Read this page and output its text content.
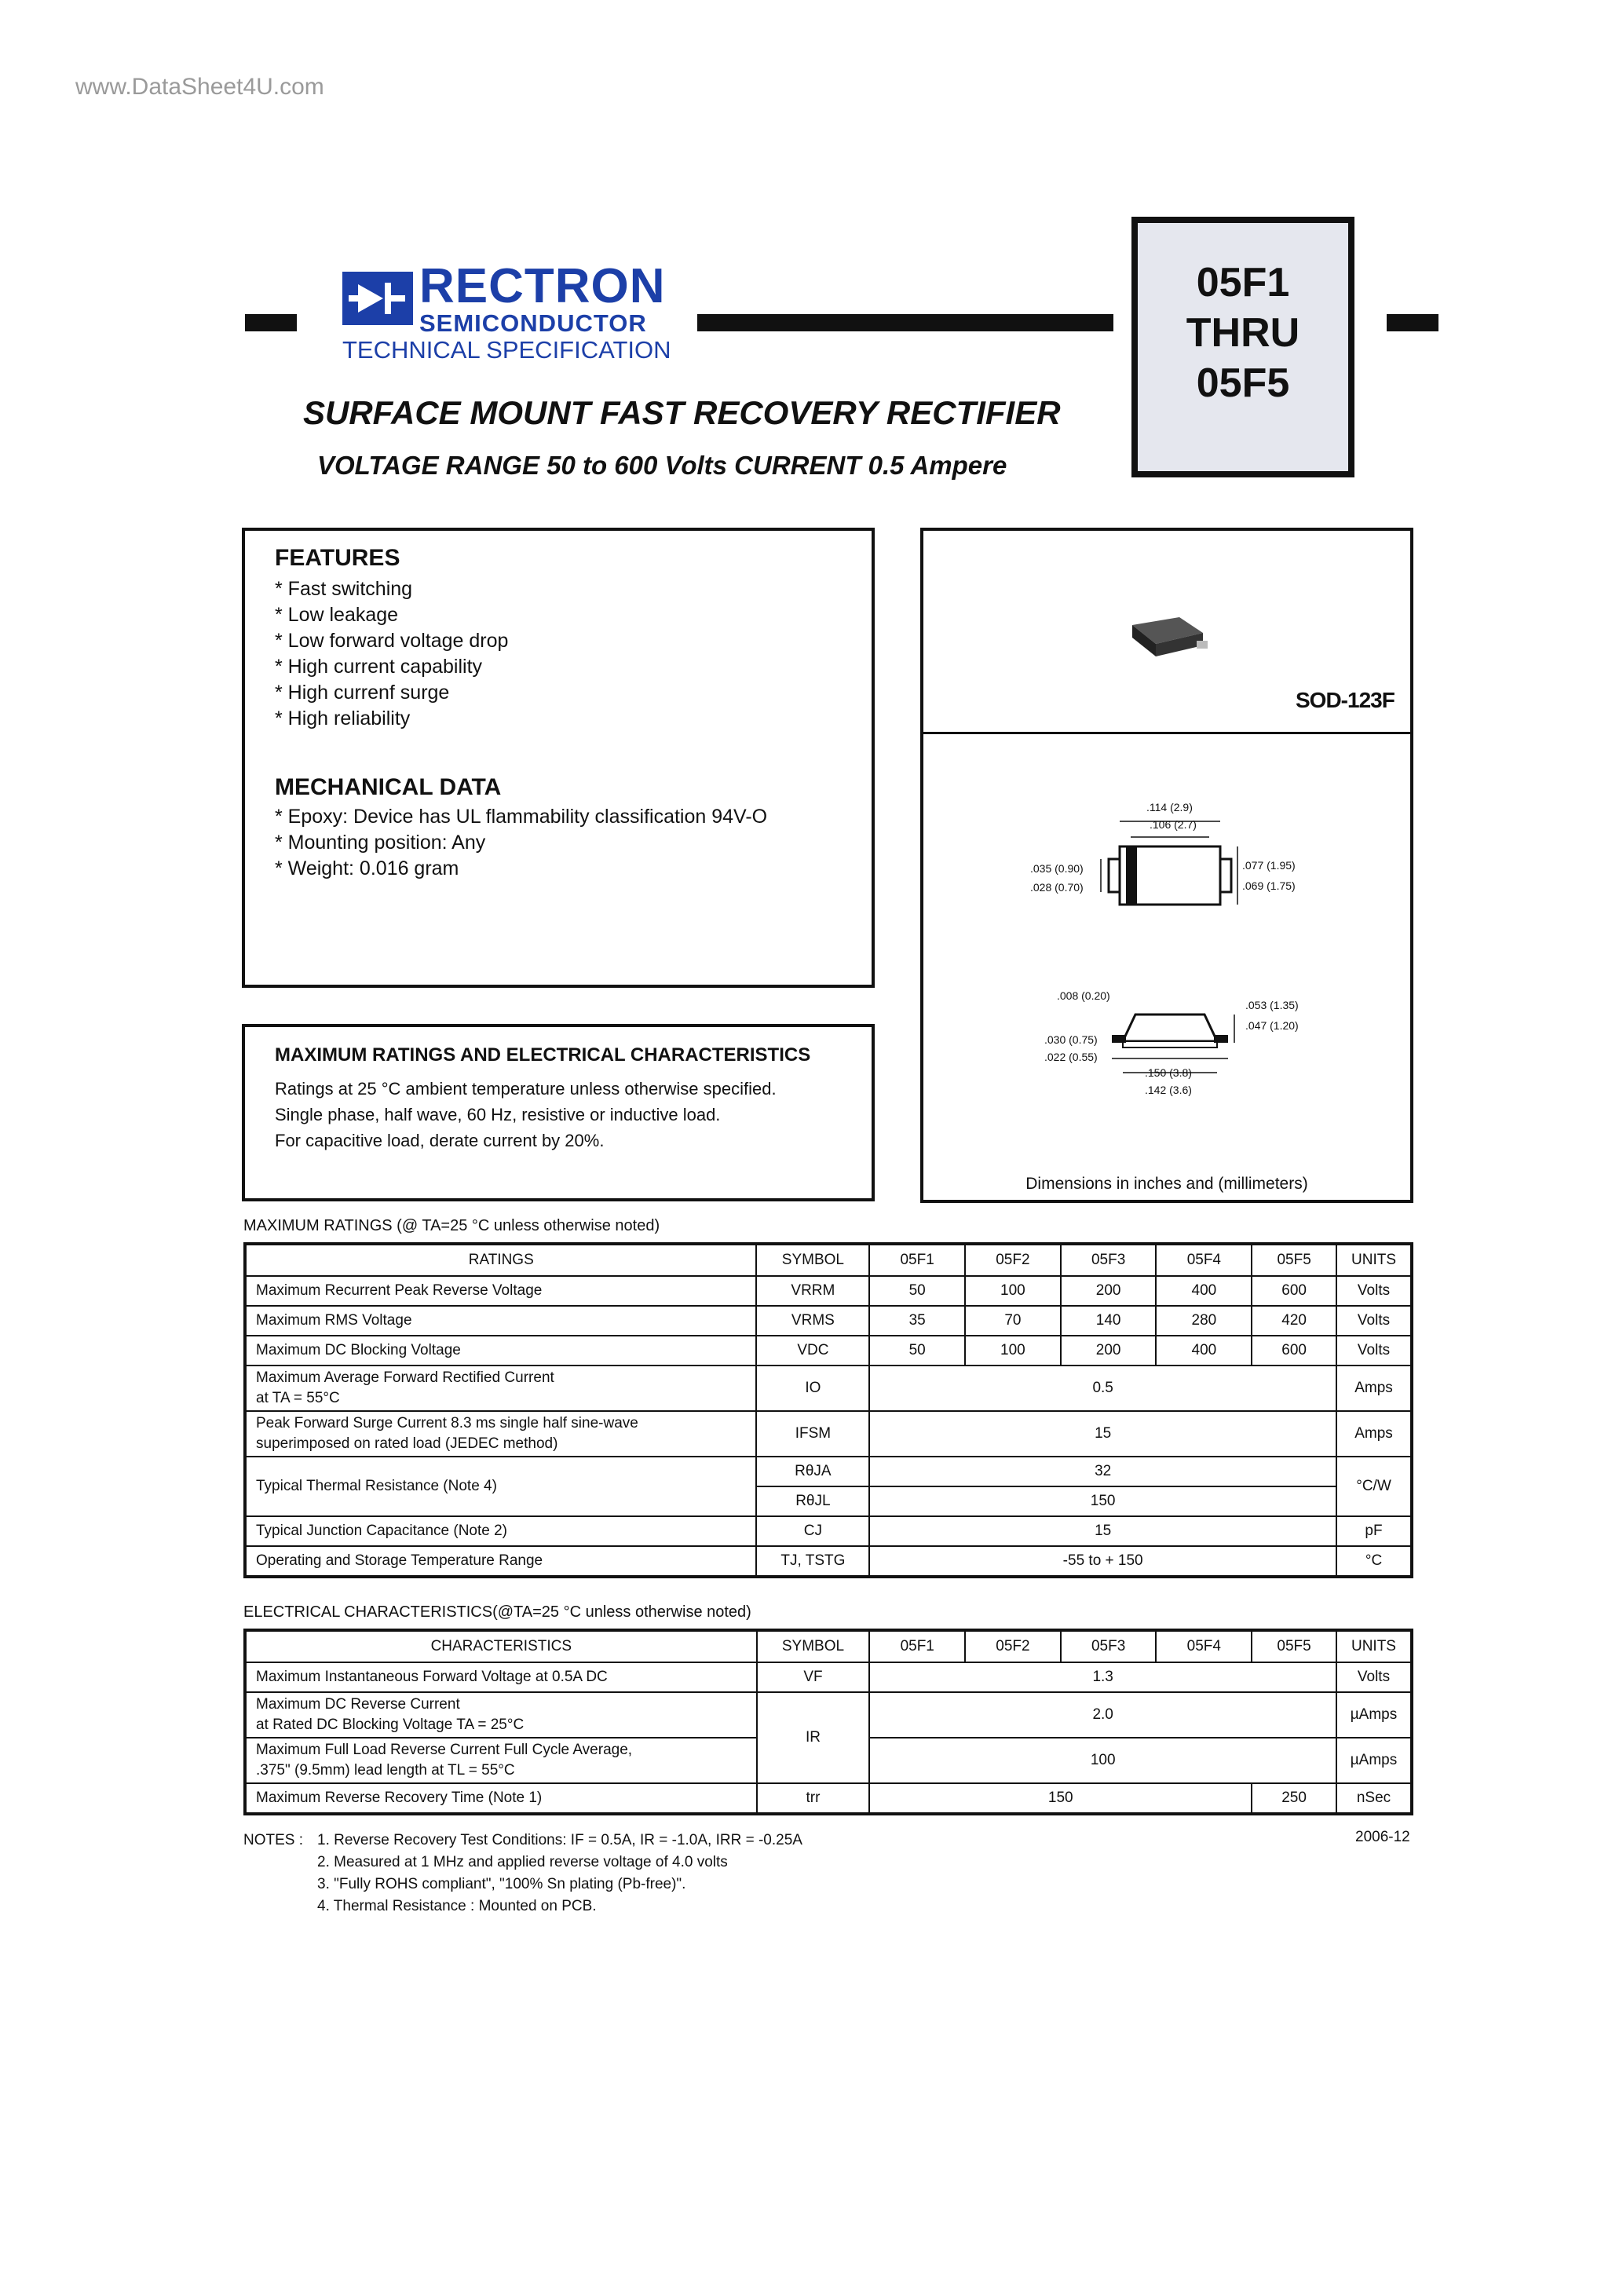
www.DataSheet4U.com
RECTRON
SEMICONDUCTOR
TECHNICAL SPECIFICATION
05F1
THRU
05F5
SURFACE MOUNT FAST RECOVERY RECTIFIER
VOLTAGE RANGE 50 to 600 Volts CURRENT 0.5 Ampere
FEATURES
* Fast switching
* Low leakage
* Low forward voltage drop
* High current capability
* High currenf surge
* High reliability
MECHANICAL DATA
* Epoxy: Device has UL flammability classification 94V-O
* Mounting position: Any
* Weight: 0.016 gram
MAXIMUM RATINGS AND ELECTRICAL CHARACTERISTICS
Ratings at 25 °C ambient temperature unless otherwise specified.
Single phase, half wave, 60 Hz, resistive or inductive load.
For capacitive load, derate current by 20%.
SOD-123F
.114 (2.9)
.106 (2.7)
.035 (0.90)
.028 (0.70)
.077 (1.95)
.069 (1.75)
.008 (0.20)
.053 (1.35)
.047 (1.20)
.030 (0.75)
.022 (0.55)
.150 (3.8)
.142 (3.6)
Dimensions in inches and (millimeters)
MAXIMUM RATINGS (@ TA=25 °C unless otherwise noted)
RATINGS	SYMBOL	05F1	05F2	05F3	05F4	05F5	UNITS
Maximum Recurrent Peak Reverse Voltage	VRRM	50	100	200	400	600	Volts
Maximum RMS Voltage	VRMS	35	70	140	280	420	Volts
Maximum DC Blocking Voltage	VDC	50	100	200	400	600	Volts

Maximum Average Forward Rectified Current
at TA = 55°C	IO	0.5					Amps

Peak Forward Surge Current 8.3 ms single half sine-wave
superimposed on rated load (JEDEC method)	IFSM	15					Amps
Typical Thermal Resistance (Note 4)	RθJA	32					°C/W
	RθJL	150					
Typical Junction Capacitance (Note 2)	CJ	15					pF
Operating and Storage Temperature Range	TJ, TSTG	-55 to + 150					°C
ELECTRICAL CHARACTERISTICS(@TA=25 °C unless otherwise noted)
CHARACTERISTICS	SYMBOL	05F1	05F2	05F3	05F4	05F5	UNITS
Maximum Instantaneous Forward Voltage at 0.5A DC	VF	1.3					Volts

Maximum DC Reverse Current
at Rated DC Blocking Voltage TA = 25°C	IR	2.0					µAmps

Maximum Full Load Reverse Current Full Cycle Average,
.375" (9.5mm) lead length at TL = 55°C		100					µAmps
Maximum Reverse Recovery Time (Note 1)	trr	150				250	nSec
NOTES : 1. Reverse Recovery Test Conditions: IF = 0.5A, IR = -1.0A, IRR = -0.25A
2. Measured at 1 MHz and applied reverse voltage of 4.0 volts
3. "Fully ROHS compliant", "100% Sn plating (Pb-free)".
4. Thermal Resistance : Mounted on PCB.
2006-12
